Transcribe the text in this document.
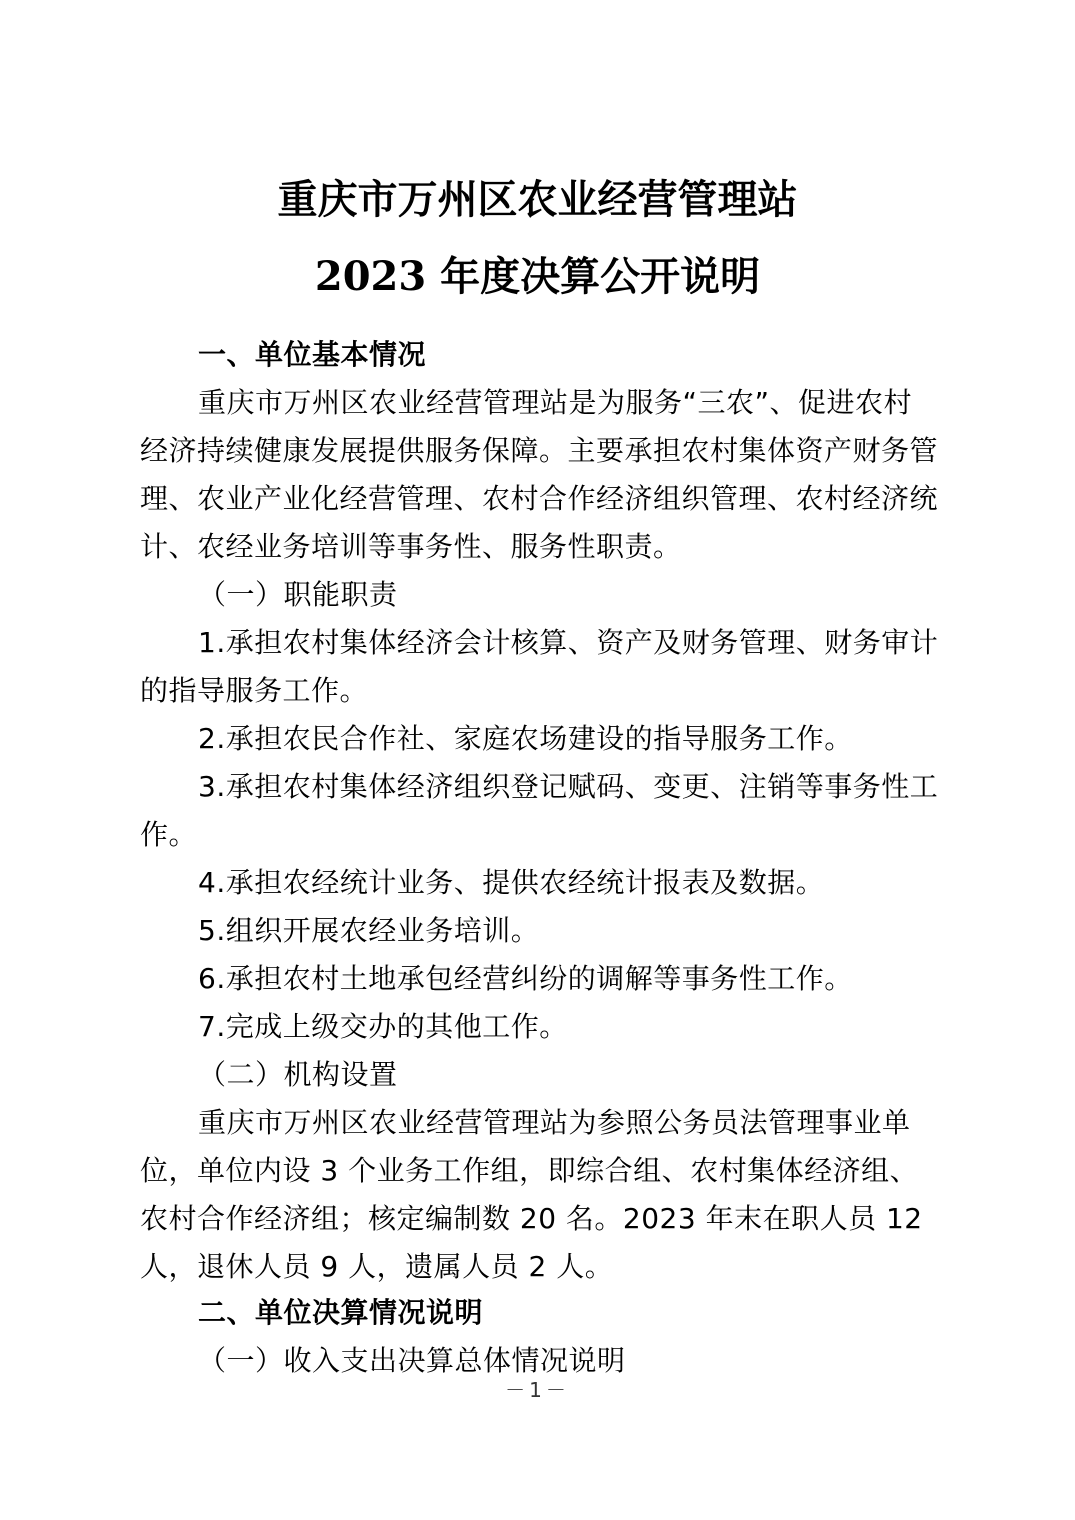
重庆市万州区农业经营管理站
2023 年度决算公开说明
一、单位基本情况
重庆市万州区农业经营管理站是为服务“三农”、促进农村经济持续健康发展提供服务保障。主要承担农村集体资产财务管理、农业产业化经营管理、农村合作经济组织管理、农村经济统计、农经业务培训等事务性、服务性职责。
（一）职能职责
1.承担农村集体经济会计核算、资产及财务管理、财务审计的指导服务工作。
2.承担农民合作社、家庭农场建设的指导服务工作。
3.承担农村集体经济组织登记赋码、变更、注销等事务性工作。
4.承担农经统计业务、提供农经统计报表及数据。
5.组织开展农经业务培训。
6.承担农村土地承包经营纠纷的调解等事务性工作。
7.完成上级交办的其他工作。
（二）机构设置
重庆市万州区农业经营管理站为参照公务员法管理事业单位，单位内设 3 个业务工作组，即综合组、农村集体经济组、农村合作经济组；核定编制数 20 名。2023 年末在职人员 12 人，退休人员 9 人，遗属人员 2 人。
二、单位决算情况说明
（一）收入支出决算总体情况说明
－1－
